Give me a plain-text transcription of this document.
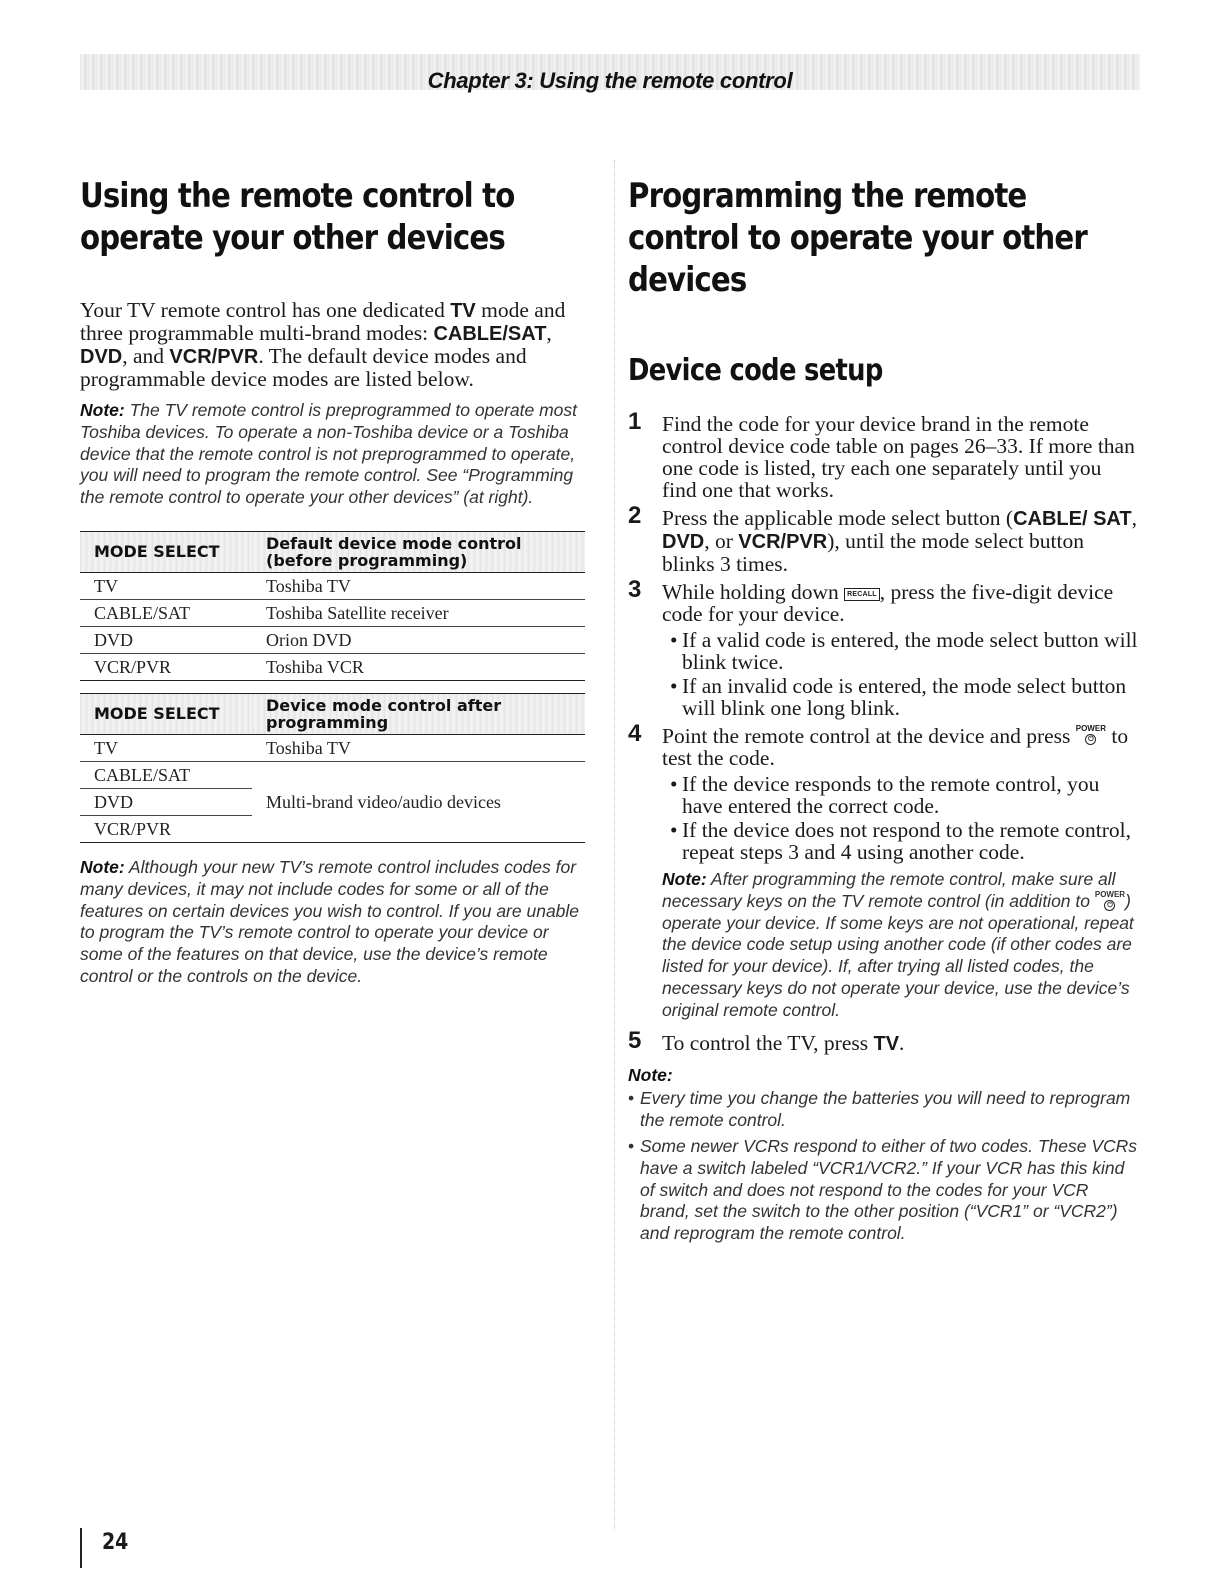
Chapter 3: Using the remote control
Using the remote control to operate your other devices

Your TV remote control has one dedicated TV mode and three programmable multi-brand modes: CABLE/SAT, DVD, and VCR/PVR. The default device modes and programmable device modes are listed below.

Note: The TV remote control is preprogrammed to operate most Toshiba devices. To operate a non-Toshiba device or a Toshiba device that the remote control is not preprogrammed to operate, you will need to program the remote control. See “Programming the remote control to operate your other devices” (at right).

MODE SELECT	Default device mode control (before programming)
TV	Toshiba TV
CABLE/SAT	Toshiba Satellite receiver
DVD	Orion DVD
VCR/PVR	Toshiba VCR
MODE SELECT	Device mode control after programming
TV	Toshiba TV
CABLE/SAT	Multi-brand video/audio devices
DVD	
VCR/PVR	

Note: Although your new TV’s remote control includes codes for many devices, it may not include codes for some or all of the features on certain devices you wish to control. If you are unable to program the TV’s remote control to operate your device or some of the features on that device, use the device’s remote control or the controls on the device.

Programming the remote control to operate your other devices
Device code setup
1 Find the code for your device brand in the remote control device code table on pages 26–33. If more than one code is listed, try each one separately until you find one that works.
2 Press the applicable mode select button (CABLE/ SAT, DVD, or VCR/PVR), until the mode select button blinks 3 times.
3 While holding down RECALL , press the five-digit device code for your device.
• If a valid code is entered, the mode select button will blink twice.
• If an invalid code is entered, the mode select button will blink one long blink.
4 Point the remote control at the device and press POWER
⏻ to test the code.
• If the device responds to the remote control, you have entered the correct code.
• If the device does not respond to the remote control, repeat steps 3 and 4 using another code.

Note: After programming the remote control, make sure all necessary keys on the TV remote control (in addition to POWER
⏻ ) operate your device. If some keys are not operational, repeat the device code setup using another code (if other codes are listed for your device). If, after trying all listed codes, the necessary keys do not operate your device, use the device’s original remote control.

5 To control the TV, press TV.
Note:
• Every time you change the batteries you will need to reprogram the remote control.
• Some newer VCRs respond to either of two codes. These VCRs have a switch labeled “VCR1/VCR2.” If your VCR has this kind of switch and does not respond to the codes for your VCR brand, set the switch to the other position (“VCR1” or “VCR2”) and reprogram the remote control.
24
